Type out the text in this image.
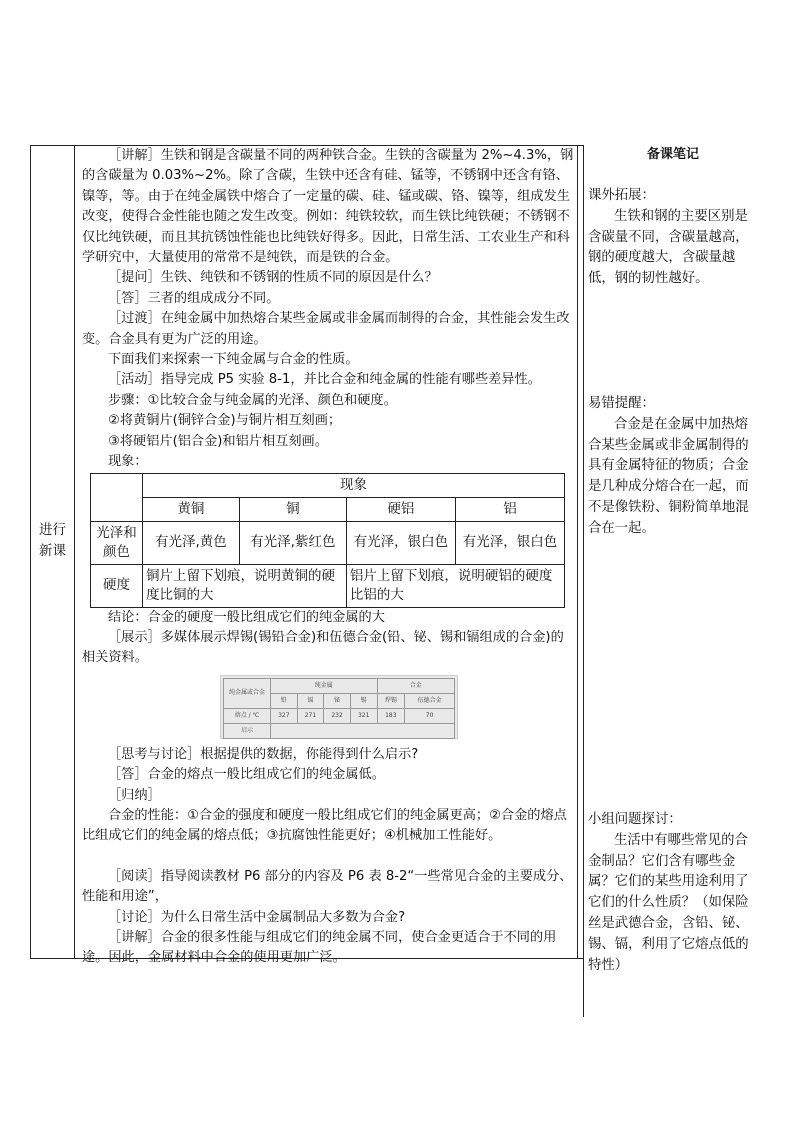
进行
新课

［讲解］生铁和钢是含碳量不同的两种铁合金。生铁的含碳量为 2%~4.3%，钢的含碳量为 0.03%~2%。除了含碳，生铁中还含有硅、锰等，不锈钢中还含有铬、镍等，等。由于在纯金属铁中熔合了一定量的碳、硅、锰或碳、铬、镍等，组成发生改变，使得合金性能也随之发生改变。例如：纯铁较软，而生铁比纯铁硬；不锈钢不仅比纯铁硬，而且其抗锈蚀性能也比纯铁好得多。因此，日常生活、工农业生产和科学研究中，大量使用的常常不是纯铁，而是铁的合金。

［提问］生铁、纯铁和不锈钢的性质不同的原因是什么？

［答］三者的组成成分不同。

［过渡］在纯金属中加热熔合某些金属或非金属而制得的合金，其性能会发生改变。合金具有更为广泛的用途。

下面我们来探索一下纯金属与合金的性质。

［活动］指导完成 P5 实验 8-1，并比合金和纯金属的性能有哪些差异性。

步骤：①比较合金与纯金属的光泽、颜色和硬度。

②将黄铜片(铜锌合金)与铜片相互刻画；

③将硬铝片(铝合金)和铝片相互刻画。

现象：

	现象			
	黄铜	铜	硬铝	铝
光泽和颜色	有光泽,黄色	有光泽,紫红色	有光泽，银白色	有光泽，银白色
硬度	铜片上留下划痕，说明黄铜的硬度比铜的大		铝片上留下划痕，说明硬铝的硬度比铝的大	

结论：合金的硬度一般比组成它们的纯金属的大

［展示］多媒体展示焊锡(锡铅合金)和伍德合金(铅、铋、锡和镉组成的合金)的相关资料。

纯金属或合金	纯金属				合金	
	铅	镉	铋	锡	焊锡	伍德合金
熔点 / ℃	327	271	232	321	183	70
启示						

［思考与讨论］根据提供的数据，你能得到什么启示?

［答］合金的熔点一般比组成它们的纯金属低。

［归纳］

合金的性能：①合金的强度和硬度一般比组成它们的纯金属更高；②合金的熔点比组成它们的纯金属的熔点低；③抗腐蚀性能更好；④机械加工性能好。

［阅读］指导阅读教材 P6 部分的内容及 P6 表 8-2“一些常见合金的主要成分、性能和用途”，

［讨论］为什么日常生活中金属制品大多数为合金?

［讲解］合金的很多性能与组成它们的纯金属不同，使合金更适合于不同的用途。因此，金属材料中合金的使用更加广泛。

备课笔记

课外拓展：

生铁和钢的主要区别是含碳量不同，含碳量越高，钢的硬度越大，含碳量越低，钢的韧性越好。

易错提醒：

合金是在金属中加热熔合某些金属或非金属制得的具有金属特征的物质；合金是几种成分熔合在一起，而不是像铁粉、铜粉简单地混合在一起。

小组问题探讨：

生活中有哪些常见的合金制品？它们含有哪些金属？它们的某些用途利用了它们的什么性质？（如保险丝是武德合金，含铅、铋、锡、镉，利用了它熔点低的特性）
